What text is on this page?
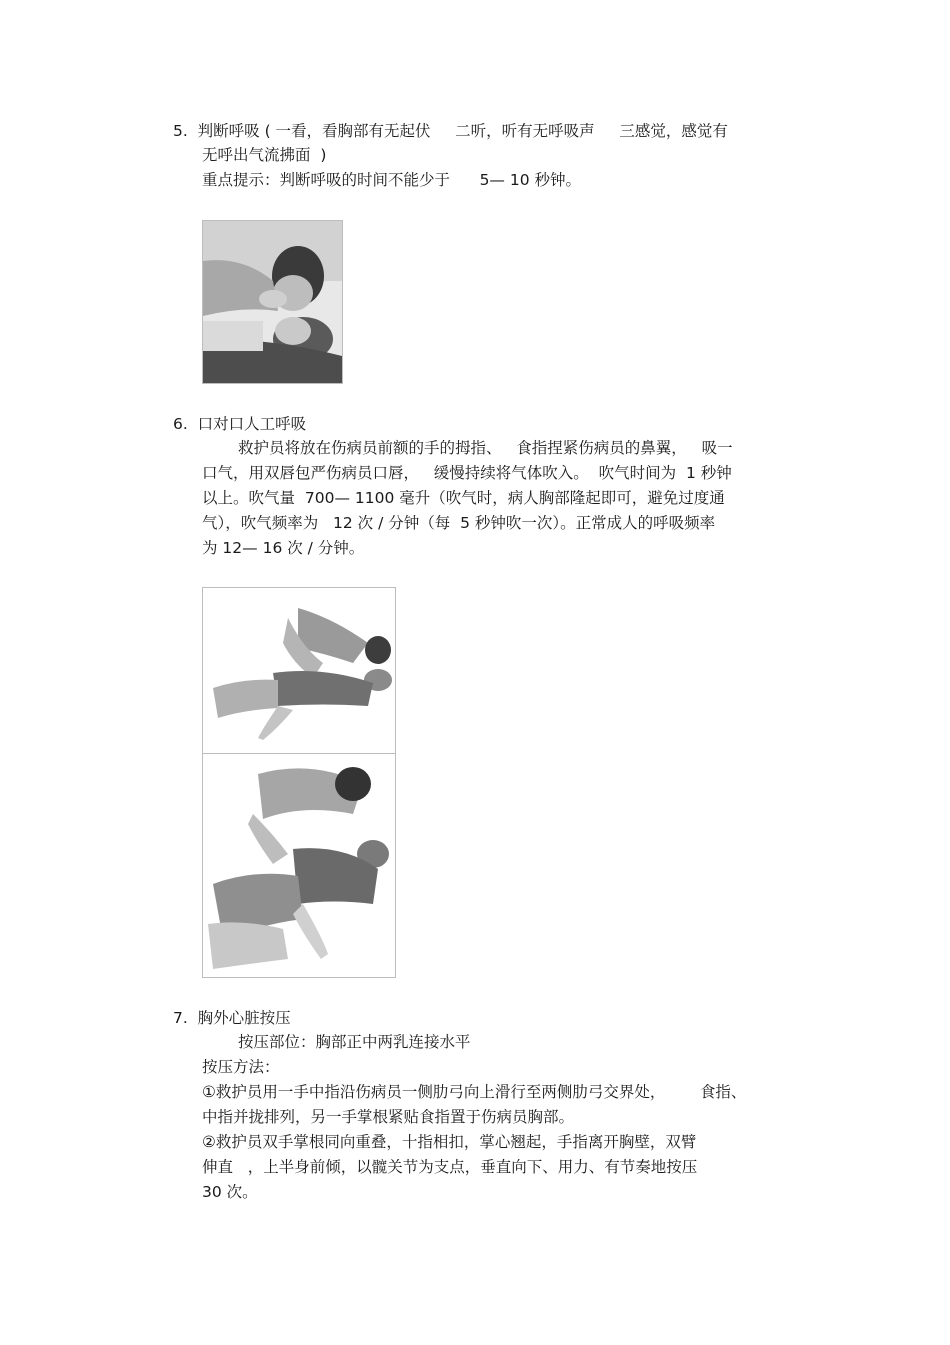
5.  判断呼吸 ( 一看，看胸部有无起伏     二听，听有无呼吸声     三感觉，感觉有
无呼出气流拂面  )
重点提示：判断呼吸的时间不能少于      5— 10 秒钟。
6.  口对口人工呼吸
救护员将放在伤病员前额的手的拇指、   食指捏紧伤病员的鼻翼，   吸一
口气，用双唇包严伤病员口唇，   缓慢持续将气体吹入。  吹气时间为  1 秒钟
以上。吹气量  700— 1100 毫升（吹气时，病人胸部隆起即可，避免过度通
气），吹气频率为   12 次 / 分钟（每  5 秒钟吹一次）。正常成人的呼吸频率
为 12— 16 次 / 分钟。
7.  胸外心脏按压
按压部位：胸部正中两乳连接水平
按压方法：
①救护员用一手中指沿伤病员一侧肋弓向上滑行至两侧肋弓交界处，       食指、
中指并拢排列，另一手掌根紧贴食指置于伤病员胸部。
②救护员双手掌根同向重叠，十指相扣，掌心翘起，手指离开胸壁，双臂
伸直   ，上半身前倾，以髋关节为支点，垂直向下、用力、有节奏地按压
30 次。
